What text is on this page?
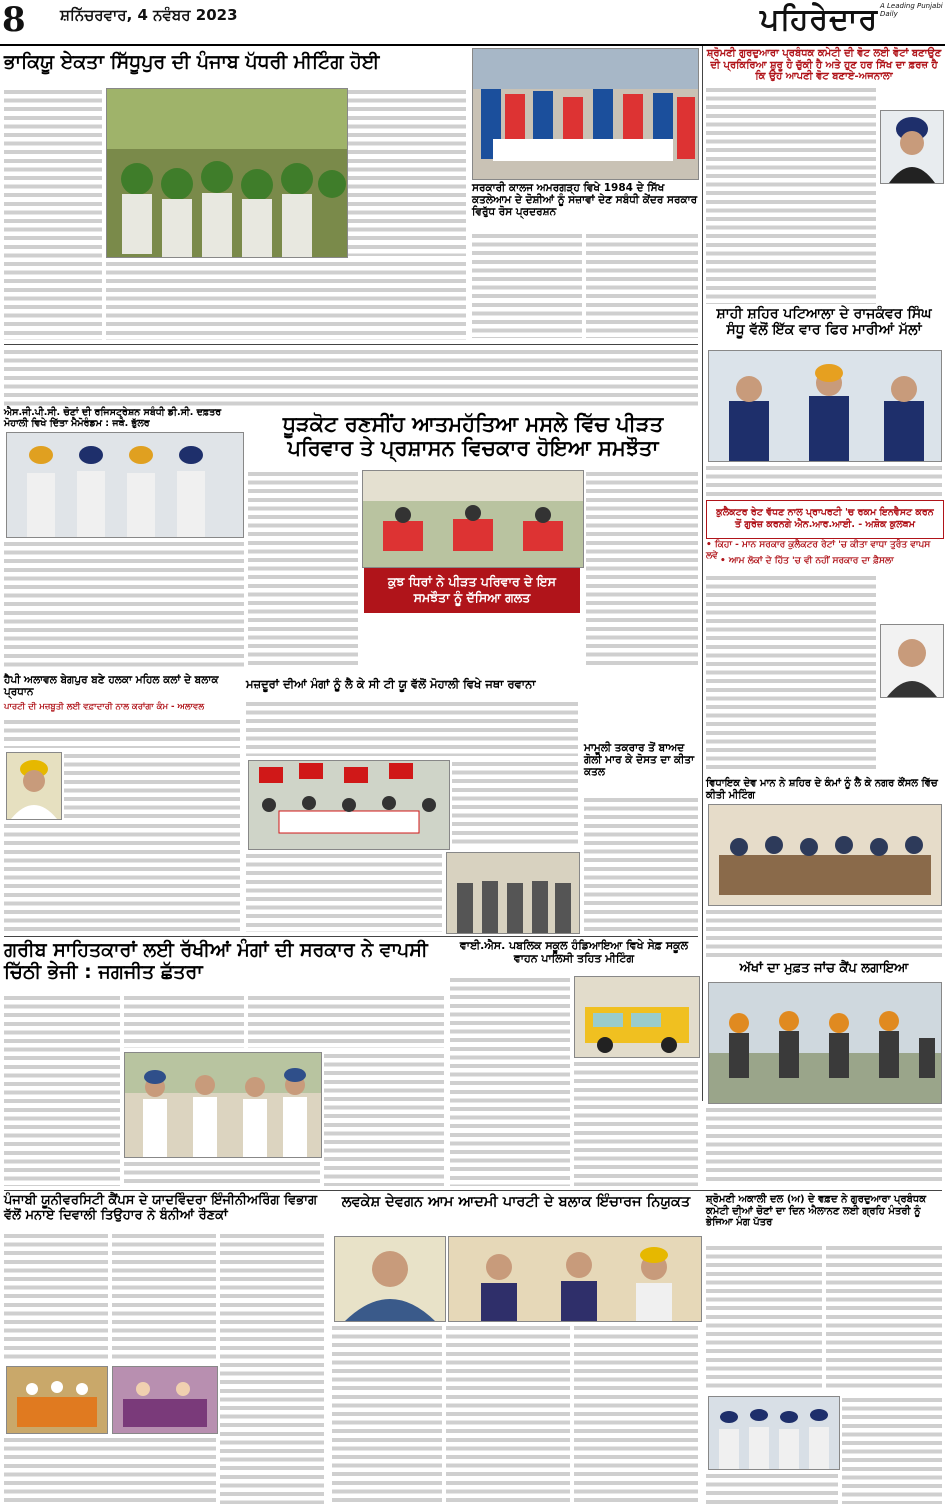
8 ਸ਼ਨਿੱਚਰਵਾਰ, 4 ਨਵੰਬਰ 2023	ਪਹਿਰੇਦਾਰ A Leading Punjabi Daily
ਭਾਕਿਯੂ ਏਕਤਾ ਸਿੱਧੂਪੁਰ ਦੀ ਪੰਜਾਬ ਪੱਧਰੀ ਮੀਟਿੰਗ ਹੋਈ
ਸਰਕਾਰੀ ਕਾਲਜ ਅਮਰਗੜ੍ਹ ਵਿਖੇ 1984 ਦੇ ਸਿੱਖ ਕਤਲੇਆਮ ਦੇ ਦੋਸ਼ੀਆਂ ਨੂੰ ਸਜ਼ਾਵਾਂ ਦੇਣ ਸਬੰਧੀ ਕੇਂਦਰ ਸਰਕਾਰ ਵਿਰੁੱਧ ਰੋਸ ਪ੍ਰਦਰਸ਼ਨ
ਸ਼੍ਰੋਮਣੀ ਗੁਰਦੁਆਰਾ ਪ੍ਰਬੰਧਕ ਕਮੇਟੀ ਦੀ ਵੋਟ ਲਈ ਵੋਟਾਂ ਬਣਾਉਣ ਦੀ ਪ੍ਰਕਿਰਿਆ ਸ਼ੁਰੂ ਹੋ ਚੁੱਕੀ ਹੈ ਅਤੇ ਹੁਣ ਹਰ ਸਿੱਖ ਦਾ ਫ਼ਰਜ਼ ਹੈ ਕਿ ਉਹ ਆਪਣੀ ਵੋਟ ਬਣਾਏ-ਅਜਨਾਲਾ
ਸ਼ਾਹੀ ਸ਼ਹਿਰ ਪਟਿਆਲਾ ਦੇ ਰਾਜਕੰਵਰ ਸਿੰਘ ਸੰਧੂ ਵੱਲੋਂ ਇੱਕ ਵਾਰ ਫਿਰ ਮਾਰੀਆਂ ਮੱਲਾਂ
ਕੁਲੈਕਟਰ ਰੇਟ ਵੱਧਣ ਨਾਲ ਪ੍ਰਾਪਰਟੀ 'ਚ ਰਕਮ ਇਨਵੈਸਟ ਕਰਨ ਤੋਂ ਗੁਰੇਜ਼ ਕਰਨਗੇ ਐਨ.ਆਰ.ਆਈ. - ਅਸ਼ੋਕ ਕੁਲਥਮ
• ਕਿਹਾ - ਮਾਨ ਸਰਕਾਰ ਕੁਲੈਕਟਰ ਰੇਟਾਂ 'ਚ ਕੀਤਾ ਵਾਧਾ ਤੁਰੰਤ ਵਾਪਸ ਲਵੇ
• ਆਮ ਲੋਕਾਂ ਦੇ ਹਿੱਤ 'ਚ ਵੀ ਨਹੀਂ ਸਰਕਾਰ ਦਾ ਫ਼ੈਸਲਾ
ਵਿਧਾਇਕ ਦੇਵ ਮਾਨ ਨੇ ਸ਼ਹਿਰ ਦੇ ਕੰਮਾਂ ਨੂੰ ਲੈ ਕੇ ਨਗਰ ਕੌਂਸਲ ਵਿੱਚ ਕੀਤੀ ਮੀਟਿੰਗ
ਅੱਖਾਂ ਦਾ ਮੁਫ਼ਤ ਜਾਂਚ ਕੈਂਪ ਲਗਾਇਆ
ਐਸ.ਜੀ.ਪੀ.ਸੀ. ਚੋਣਾਂ ਦੀ ਰਜਿਸਟ੍ਰੇਸ਼ਨ ਸਬੰਧੀ ਡੀ.ਸੀ. ਦਫ਼ਤਰ ਮੋਹਾਲੀ ਵਿਖੇ ਦਿੱਤਾ ਮੈਮੋਰੰਡਮ : ਜਥੇ. ਭੁੱਲਰ	ਧੂੜਕੋਟ ਰਣਸੀਂਹ ਆਤਮਹੱਤਿਆ ਮਸਲੇ ਵਿੱਚ ਪੀੜਤ ਪਰਿਵਾਰ ਤੇ ਪ੍ਰਸ਼ਾਸਨ ਵਿਚਕਾਰ ਹੋਇਆ ਸਮਝੌਤਾ
ਕੁਝ ਧਿਰਾਂ ਨੇ ਪੀੜਤ ਪਰਿਵਾਰ ਦੇ ਇਸ ਸਮਝੌਤਾ ਨੂੰ ਦੱਸਿਆ ਗਲਤ
ਹੈਪੀ ਅਲਾਵਲ ਬੇਗਪੁਰ ਬਣੇ ਹਲਕਾ ਮਹਿਲ ਕਲਾਂ ਦੇ ਬਲਾਕ ਪ੍ਰਧਾਨ
ਪਾਰਟੀ ਦੀ ਮਜ਼ਬੂਤੀ ਲਈ ਵਫ਼ਾਦਾਰੀ ਨਾਲ ਕਰਾਂਗਾ ਕੰਮ - ਅਲਾਵਲ
ਮਜ਼ਦੂਰਾਂ ਦੀਆਂ ਮੰਗਾਂ ਨੂੰ ਲੈ ਕੇ ਸੀ ਟੀ ਯੂ ਵੱਲੋਂ ਮੋਹਾਲੀ ਵਿਖੇ ਜਥਾ ਰਵਾਨਾ
ਮਾਮੂਲੀ ਤਕਰਾਰ ਤੋਂ ਬਾਅਦ ਗੋਲੀ ਮਾਰ ਕੇ ਦੋਸਤ ਦਾ ਕੀਤਾ ਕਤਲ
ਗਰੀਬ ਸਾਹਿਤਕਾਰਾਂ ਲਈ ਰੱਖੀਆਂ ਮੰਗਾਂ ਦੀ ਸਰਕਾਰ ਨੇ ਵਾਪਸੀ ਚਿੱਠੀ ਭੇਜੀ : ਜਗਜੀਤ ਛੱਤਰਾ
ਵਾਈ.ਐਸ. ਪਬਲਿਕ ਸਕੂਲ ਹੰਡਿਆਇਆ ਵਿਖੇ ਸੇਫ਼ ਸਕੂਲ ਵਾਹਨ ਪਾਲਿਸੀ ਤਹਿਤ ਮੀਟਿੰਗ
ਪੰਜਾਬੀ ਯੂਨੀਵਰਸਿਟੀ ਕੈਂਪਸ ਦੇ ਯਾਦਵਿੰਦਰਾ ਇੰਜੀਨੀਅਰਿੰਗ ਵਿਭਾਗ ਵੱਲੋਂ ਮਨਾਏ ਦਿਵਾਲੀ ਤਿਉਹਾਰ ਨੇ ਬੰਨੀਆਂ ਰੌਣਕਾਂ
ਲਵਕੇਸ਼ ਦੇਵਗਨ ਆਮ ਆਦਮੀ ਪਾਰਟੀ ਦੇ ਬਲਾਕ ਇੰਚਾਰਜ ਨਿਯੁਕਤ	ਸ਼੍ਰੋਮਣੀ ਅਕਾਲੀ ਦਲ (ਅ) ਦੇ ਵਫ਼ਦ ਨੇ ਗੁਰਦੁਆਰਾ ਪ੍ਰਬੰਧਕ ਕਮੇਟੀ ਦੀਆਂ ਚੋਣਾਂ ਦਾ ਦਿਨ ਐਲਾਨਣ ਲਈ ਗ੍ਰਹਿ ਮੰਤਰੀ ਨੂੰ ਭੇਜਿਆ ਮੰਗ ਪੱਤਰ
